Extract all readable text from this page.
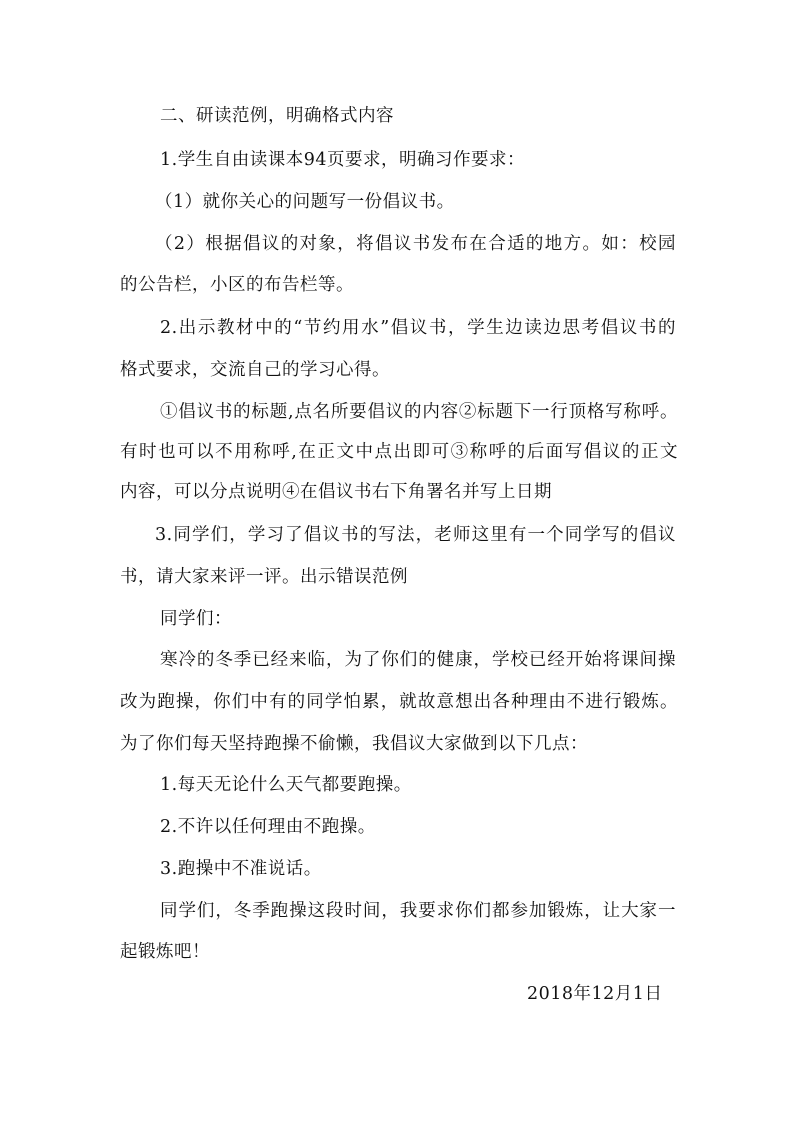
二、研读范例，明确格式内容
1.学生自由读课本94页要求，明确习作要求：
（1）就你关心的问题写一份倡议书。
（2）根据倡议的对象，将倡议书发布在合适的地方。如：校园
的公告栏，小区的布告栏等。
2.出示教材中的“节约用水”倡议书，学生边读边思考倡议书的
格式要求，交流自己的学习心得。
①倡议书的标题,点名所要倡议的内容②标题下一行顶格写称呼。
有时也可以不用称呼,在正文中点出即可③称呼的后面写倡议的正文
内容，可以分点说明④在倡议书右下角署名并写上日期
3.同学们，学习了倡议书的写法，老师这里有一个同学写的倡议
书，请大家来评一评。出示错误范例
同学们：
寒冷的冬季已经来临，为了你们的健康，学校已经开始将课间操
改为跑操，你们中有的同学怕累，就故意想出各种理由不进行锻炼。
为了你们每天坚持跑操不偷懒，我倡议大家做到以下几点：
1.每天无论什么天气都要跑操。
2.不许以任何理由不跑操。
3.跑操中不准说话。
同学们，冬季跑操这段时间，我要求你们都参加锻炼，让大家一
起锻炼吧！
2018年12月1日
